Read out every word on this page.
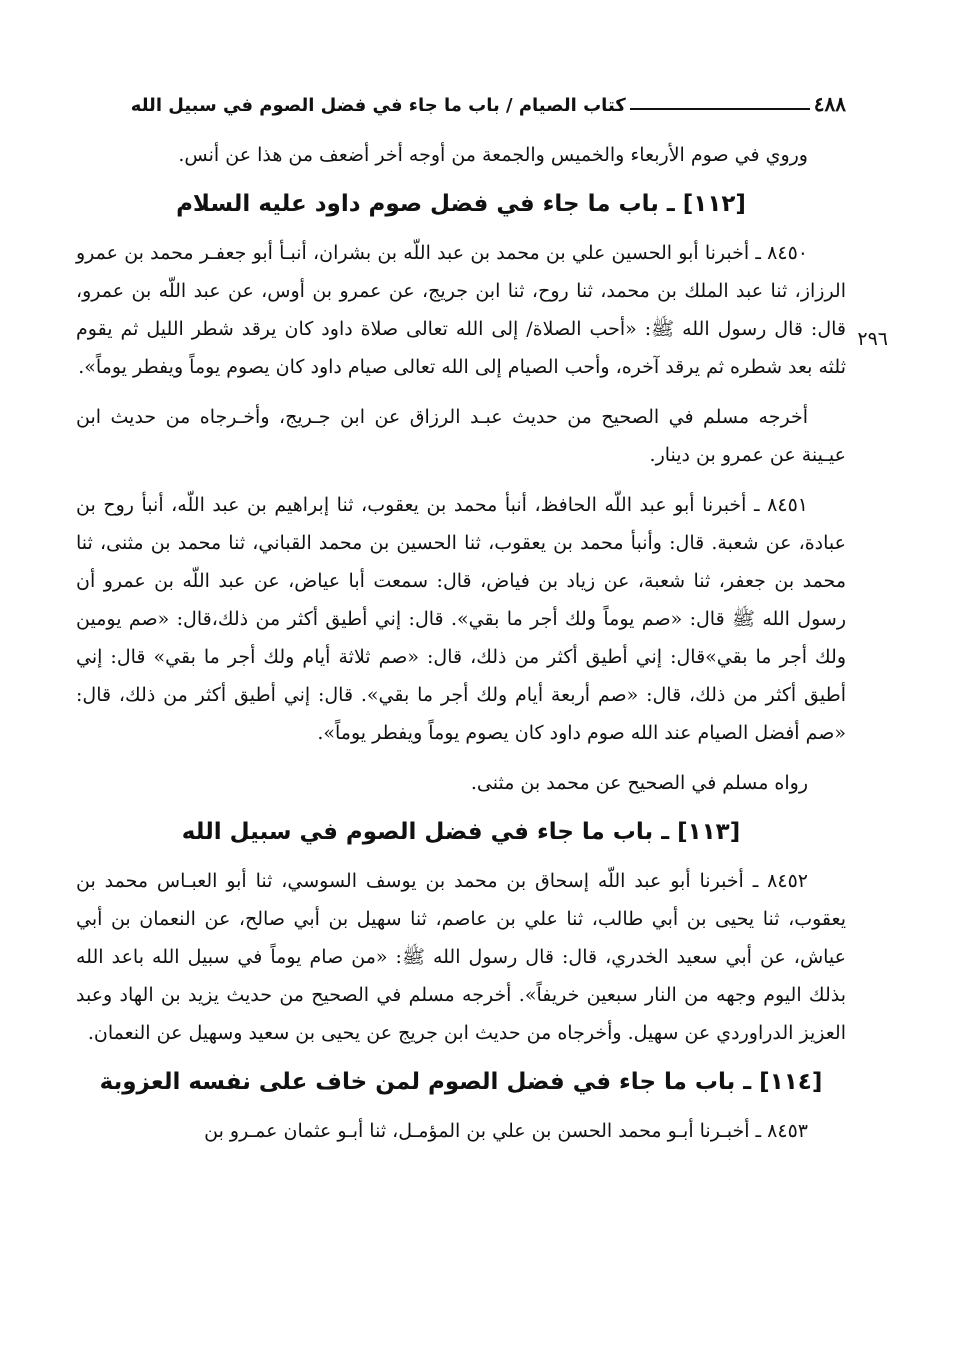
٤٨٨
كتاب الصيام / باب ما جاء في فضل الصوم في سبيل الله
٢٩٦

وروي في صوم الأربعاء والخميس والجمعة من أوجه أخر أضعف من هذا عن أنس.

[١١٢] ـ باب ما جاء في فضل صوم داود عليه السلام

٨٤٥٠ ـ أخبرنا أبو الحسين علي بن محمد بن عبد اللّه بن بشران، أنبـأ أبو جعفـر محمد بن عمرو الرزاز، ثنا عبد الملك بن محمد، ثنا روح، ثنا ابن جريج، عن عمرو بن أوس، عن عبد اللّه بن عمرو، قال: قال رسول الله ﷺ: «أحب الصلاة/ إلى الله تعالى صلاة داود كان يرقد شطر الليل ثم يقوم ثلثه بعد شطره ثم يرقد آخره، وأحب الصيام إلى الله تعالى صيام داود كان يصوم يوماً ويفطر يوماً».

أخرجه مسلم في الصحيح من حديث عبـد الرزاق عن ابن جـريج، وأخـرجاه من حديث ابن عيـينة عن عمرو بن دينار.

٨٤٥١ ـ أخبرنا أبو عبد اللّه الحافظ، أنبأ محمد بن يعقوب، ثنا إبراهيم بن عبد اللّه، أنبأ روح بن عبادة، عن شعبة. قال: وأنبأ محمد بن يعقوب، ثنا الحسين بن محمد القباني، ثنا محمد بن مثنى، ثنا محمد بن جعفر، ثنا شعبة، عن زياد بن فياض، قال: سمعت أبا عياض، عن عبد اللّه بن عمرو أن رسول الله ﷺ قال: «صم يوماً ولك أجر ما بقي». قال: إني أطيق أكثر من ذلك،قال: «صم يومين ولك أجر ما بقي»قال: إني أطيق أكثر من ذلك، قال: «صم ثلاثة أيام ولك أجر ما بقي» قال: إني أطيق أكثر من ذلك، قال: «صم أربعة أيام ولك أجر ما بقي». قال: إني أطيق أكثر من ذلك، قال: «صم أفضل الصيام عند الله صوم داود كان يصوم يوماً ويفطر يوماً».

رواه مسلم في الصحيح عن محمد بن مثنى.

[١١٣] ـ باب ما جاء في فضل الصوم في سبيل الله

٨٤٥٢ ـ أخبرنا أبو عبد اللّه إسحاق بن محمد بن يوسف السوسي، ثنا أبو العبـاس محمد بن يعقوب، ثنا يحيى بن أبي طالب، ثنا علي بن عاصم، ثنا سهيل بن أبي صالح، عن النعمان بن أبي عياش، عن أبي سعيد الخدري، قال: قال رسول الله ﷺ: «من صام يوماً في سبيل الله باعد الله بذلك اليوم وجهه من النار سبعين خريفاً». أخرجه مسلم في الصحيح من حديث يزيد بن الهاد وعبد العزيز الدراوردي عن سهيل. وأخرجاه من حديث ابن جريج عن يحيى بن سعيد وسهيل عن النعمان.

[١١٤] ـ باب ما جاء في فضل الصوم لمن خاف على نفسه العزوبة

٨٤٥٣ ـ أخبـرنا أبـو محمد الحسن بن علي بن المؤمـل، ثنا أبـو عثمان عمـرو بن
